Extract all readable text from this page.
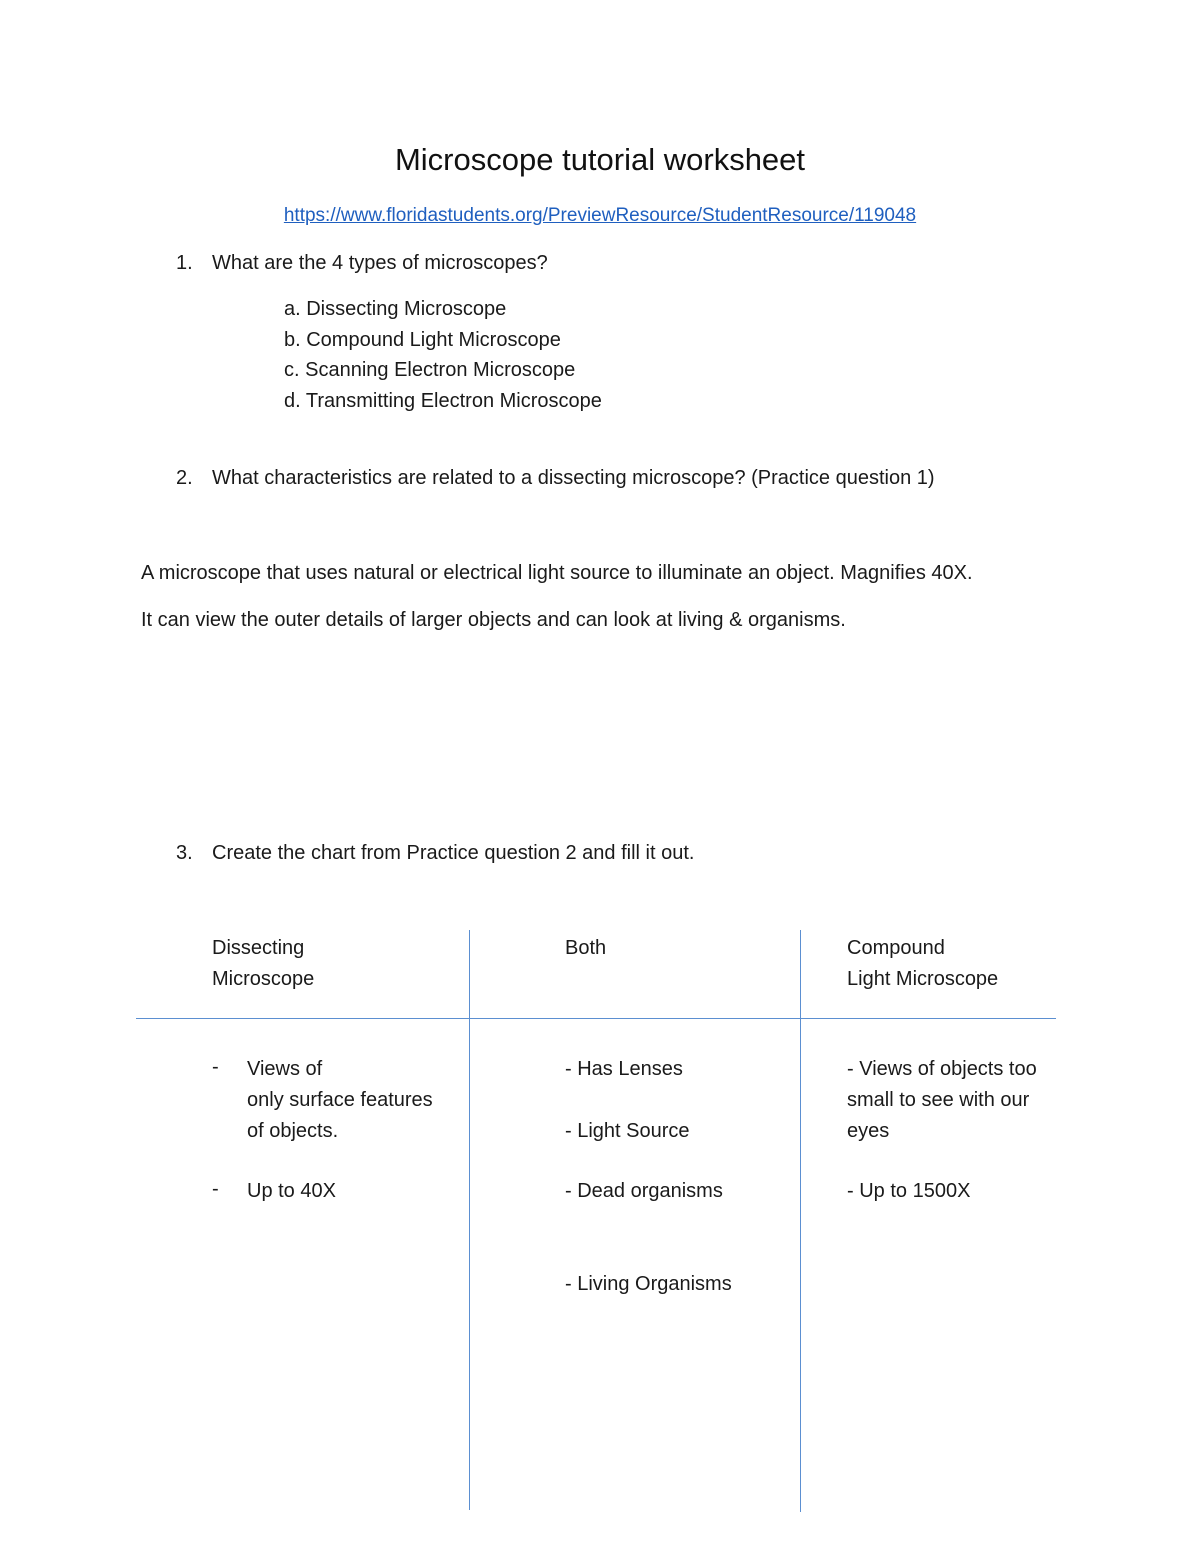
Microscope tutorial worksheet
https://www.floridastudents.org/PreviewResource/StudentResource/119048
1. What are the 4 types of microscopes?
a. Dissecting Microscope
b. Compound Light Microscope
c. Scanning Electron Microscope
d. Transmitting Electron Microscope
2. What characteristics are related to a dissecting microscope? (Practice question 1)
A microscope that uses natural or electrical light source to illuminate an object. Magnifies 40X.
It can view the outer details of larger objects and can look at living & organisms.
3. Create the chart from Practice question 2 and fill it out.
Dissecting
Microscope
Both	Compound
Light Microscope
- Views of
only surface features
of objects.
- Up to 40X
- Has Lenses
- Light Source
- Dead organisms
- Living Organisms
- Views of objects too
small to see with our
eyes
- Up to 1500X
